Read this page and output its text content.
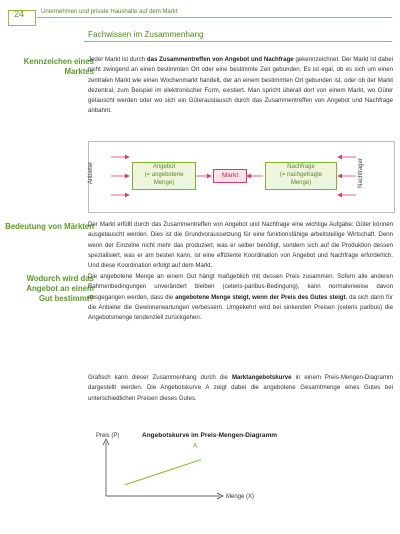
24	Unternehmen und private Haushalte auf dem Markt
Fachwissen im Zusammenhang
Kennzeichen eines Marktes
Jeder Markt ist durch das Zusammentreffen von Angebot und Nachfrage gekennzeichnet. Der Markt ist dabei nicht zwingend an einen bestimmten Ort oder eine bestimmte Zeit gebunden. Es ist egal, ob es sich um einen zentralen Markt wie einen Wochenmarkt handelt, der an einem bestimmten Ort gebunden ist, oder ob der Markt dezentral, zum Beispiel im elektronischer Form, existiert. Man spricht überall dort von einem Markt, wo Güter getauscht werden oder wo sich ein Güteraustausch durch das Zusammentreffen von Angebot und Nachfrage anbahnt.
Anbieter	Angebot
(= angebotene
Menge)
Markt
Nachfrage
(= nachgefragte
Menge)	Nachfrager
Bedeutung von Märkten
Der Markt erfüllt durch das Zusammentreffen von Angebot und Nachfrage eine wichtige Aufgabe: Güter können ausgetauscht werden. Dies ist die Grundvoraussetzung für eine funktionsfähige arbeitsteilige Wirtschaft. Denn wenn der Einzelne nicht mehr das produziert, was er selber benötigt, sondern sich auf die Produktion dessen spezialisiert, was er am besten kann, ist eine effiziente Koordination von Angebot und Nachfrage erforderlich. Und diese Koordination erfolgt auf dem Markt.
Wodurch wird das Angebot an einem Gut bestimmt?
Die angebotene Menge an einem Gut hängt maßgeblich mit dessen Preis zusammen. Sofern alle anderen Rahmenbedingungen unverändert bleiben (ceteris-paribus-Bedingung), kann normalerweise davon ausgegangen werden, dass die angebotene Menge steigt, wenn der Preis des Gutes steigt, da sich dann für die Anbieter die Gewinnerwartungen verbessern. Umgekehrt wird bei sinkenden Preisen (ceteris paribus) die Angebotsmenge tendenziell zurückgehen.
Grafisch kann dieser Zusammenhang durch die Marktangebotskurve in einem Preis-Mengen-Diagramm dargestellt werden. Die Angebotskurve A zeigt dabei die angebotene Gesamtmenge eines Gutes bei unterschiedlichen Preisen dieses Gutes.
Angebotskurve im Preis-Mengen-Diagramm
Preis (P)
Menge (X)
A
